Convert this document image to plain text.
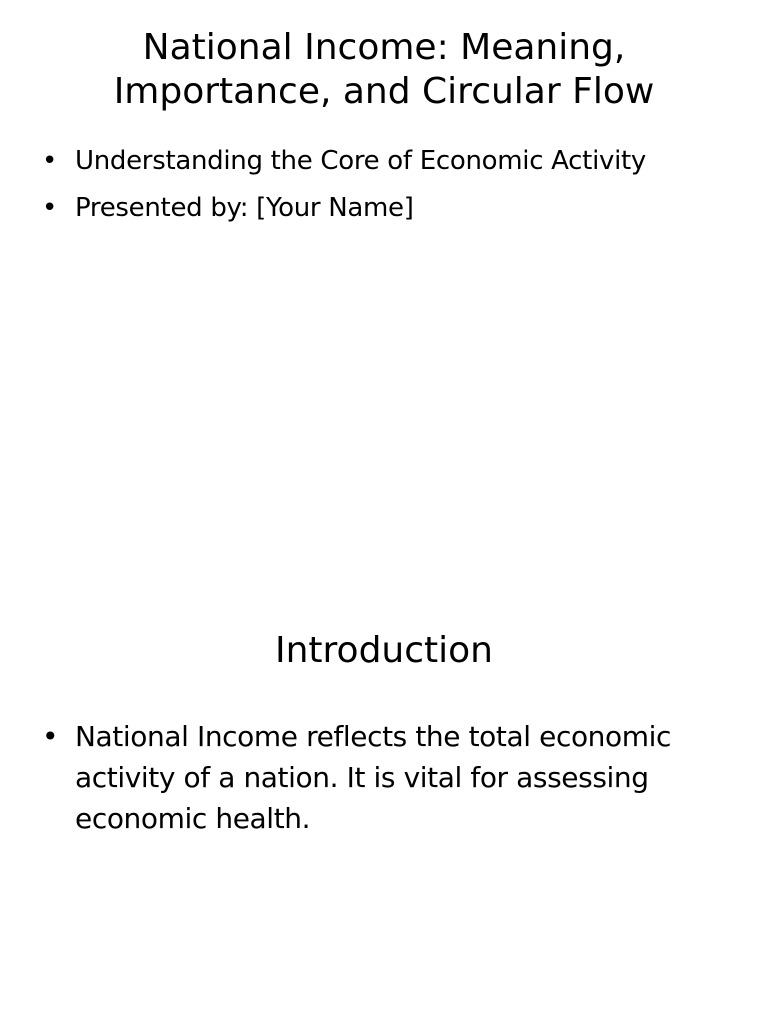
National Income: Meaning, Importance, and Circular Flow
• Understanding the Core of Economic Activity
• Presented by: [Your Name]
Introduction
• National Income reflects the total economic activity of a nation. It is vital for assessing economic health.
